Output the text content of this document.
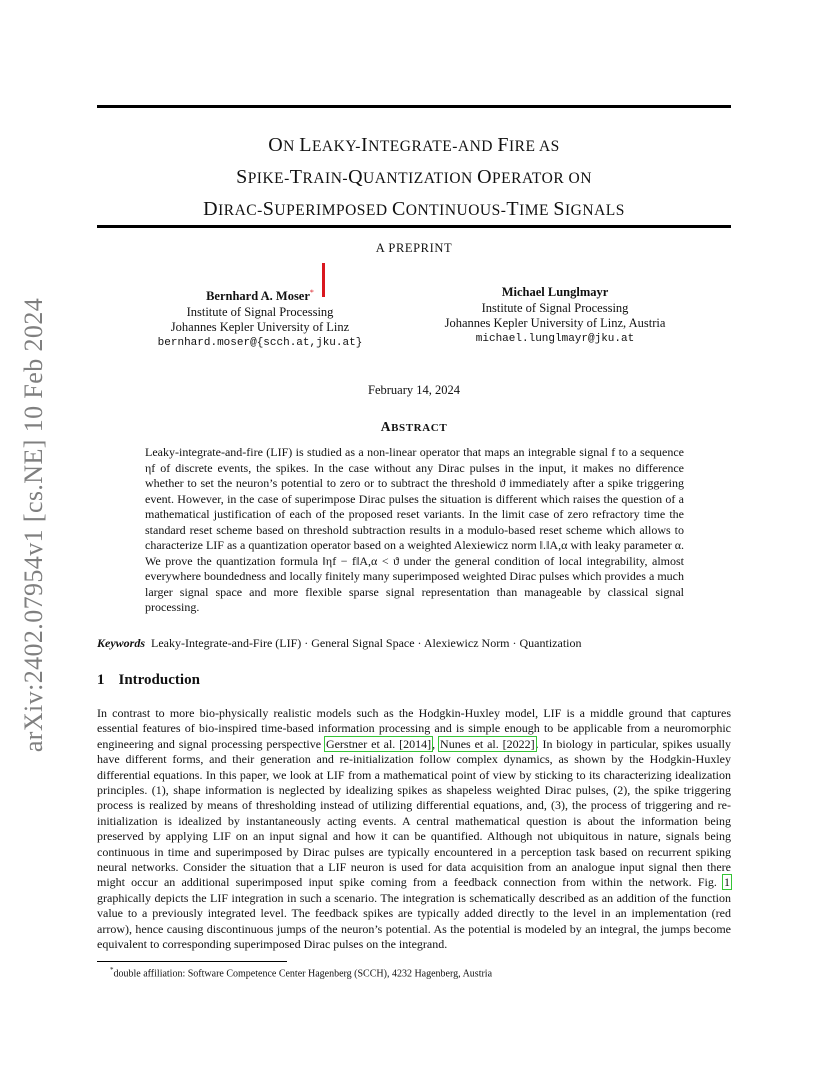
arXiv:2402.07954v1 [cs.NE] 10 Feb 2024
ON LEAKY-INTEGRATE-AND FIRE AS
SPIKE-TRAIN-QUANTIZATION OPERATOR ON
DIRAC-SUPERIMPOSED CONTINUOUS-TIME SIGNALS
A PREPRINT
Bernhard A. Moser*
Institute of Signal Processing
Johannes Kepler University of Linz
bernhard.moser@{scch.at,jku.at}
Michael Lunglmayr
Institute of Signal Processing
Johannes Kepler University of Linz, Austria
michael.lunglmayr@jku.at
February 14, 2024
ABSTRACT
Leaky-integrate-and-fire (LIF) is studied as a non-linear operator that maps an integrable signal f to a sequence ηf of discrete events, the spikes. In the case without any Dirac pulses in the input, it makes no difference whether to set the neuron’s potential to zero or to subtract the threshold ϑ immediately after a spike triggering event. However, in the case of superimpose Dirac pulses the situation is different which raises the question of a mathematical justification of each of the proposed reset variants. In the limit case of zero refractory time the standard reset scheme based on threshold subtraction results in a modulo-based reset scheme which allows to characterize LIF as a quantization operator based on a weighted Alexiewicz norm ‖.‖A,α with leaky parameter α. We prove the quantization formula ‖ηf − f‖A,α < ϑ under the general condition of local integrability, almost everywhere boundedness and locally finitely many superimposed weighted Dirac pulses which provides a much larger signal space and more flexible sparse signal representation than manageable by classical signal processing.
Keywords Leaky-Integrate-and-Fire (LIF) · General Signal Space · Alexiewicz Norm · Quantization
1 Introduction
In contrast to more bio-physically realistic models such as the Hodgkin-Huxley model, LIF is a middle ground that captures essential features of bio-inspired time-based information processing and is simple enough to be applicable from a neuromorphic engineering and signal processing perspective Gerstner et al. [2014], Nunes et al. [2022]. In biology in particular, spikes usually have different forms, and their generation and re-initialization follow complex dynamics, as shown by the Hodgkin-Huxley differential equations. In this paper, we look at LIF from a mathematical point of view by sticking to its characterizing idealization principles. (1), shape information is neglected by idealizing spikes as shapeless weighted Dirac pulses, (2), the spike triggering process is realized by means of thresholding instead of utilizing differential equations, and, (3), the process of triggering and re-initialization is idealized by instantaneously acting events. A central mathematical question is about the information being preserved by applying LIF on an input signal and how it can be quantified. Although not ubiquitous in nature, signals being continuous in time and superimposed by Dirac pulses are typically encountered in a perception task based on recurrent spiking neural networks. Consider the situation that a LIF neuron is used for data acquisition from an analogue input signal then there might occur an additional superimposed input spike coming from a feedback connection from within the network. Fig. 1 graphically depicts the LIF integration in such a scenario. The integration is schematically described as an addition of the function value to a previously integrated level. The feedback spikes are typically added directly to the level in an implementation (red arrow), hence causing discontinuous jumps of the neuron’s potential. As the potential is modeled by an integral, the jumps become equivalent to corresponding superimposed Dirac pulses on the integrand.
*double affiliation: Software Competence Center Hagenberg (SCCH), 4232 Hagenberg, Austria
